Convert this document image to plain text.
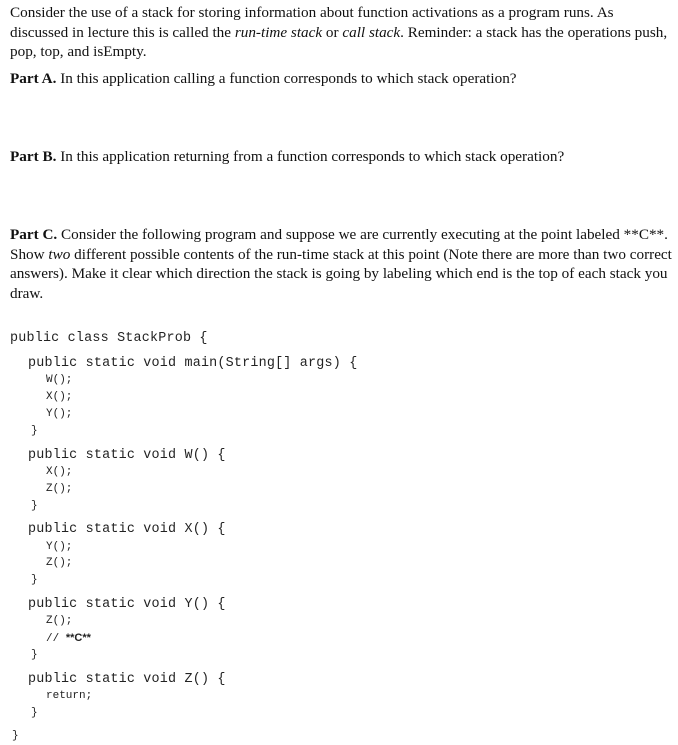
Consider the use of a stack for storing information about function activations as a program runs. As discussed in lecture this is called the run-time stack or call stack. Reminder: a stack has the operations push, pop, top, and isEmpty.
Part A. In this application calling a function corresponds to which stack operation?
Part B. In this application returning from a function corresponds to which stack operation?
Part C. Consider the following program and suppose we are currently executing at the point labeled **C**. Show two different possible contents of the run-time stack at this point (Note there are more than two correct answers). Make it clear which direction the stack is going by labeling which end is the top of each stack you draw.
public class StackProb {
public static void main(String[] args) {
W();
X();
Y();
}
public static void W() {
X();
Z();
}
public static void X() {
Y();
Z();
}
public static void Y() {
Z();
// **C**
}
public static void Z() {
return;
}
}
